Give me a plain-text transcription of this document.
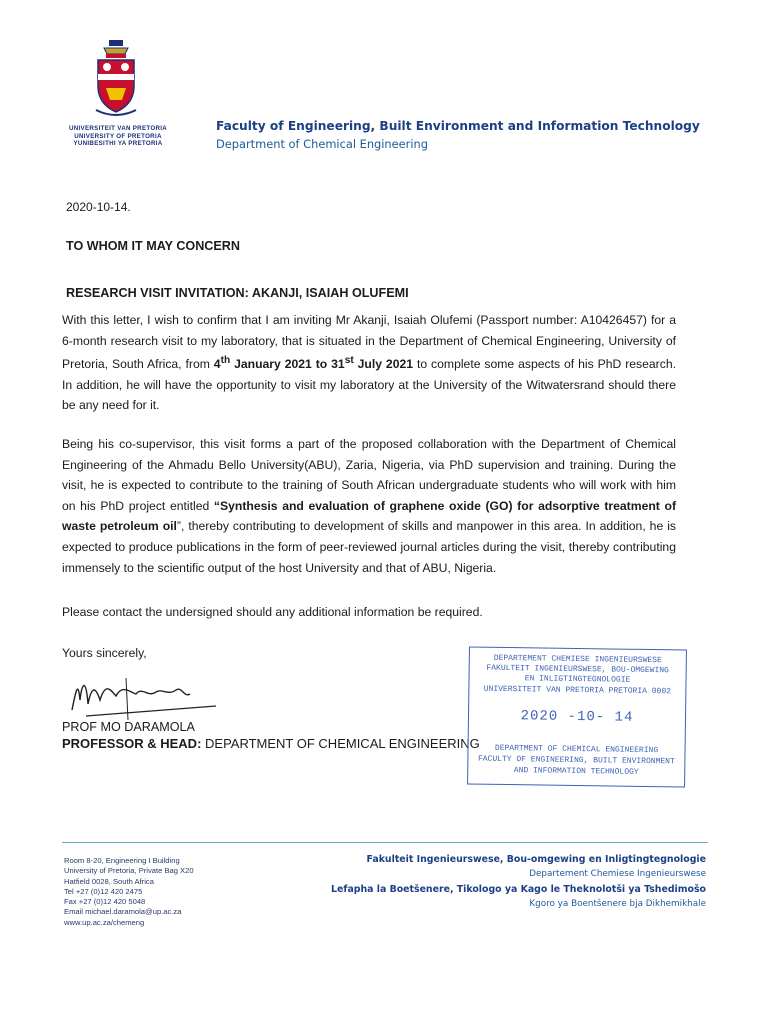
UNIVERSITEIT VAN PRETORIA
UNIVERSITY OF PRETORIA
YUNIBESITHI YA PRETORIA
Faculty of Engineering, Built Environment and Information Technology
Department of Chemical Engineering
2020-10-14.
TO WHOM IT MAY CONCERN
RESEARCH VISIT INVITATION: AKANJI, ISAIAH OLUFEMI

With this letter, I wish to confirm that I am inviting Mr Akanji, Isaiah Olufemi (Passport number: A10426457) for a 6-month research visit to my laboratory, that is situated in the Department of Chemical Engineering, University of Pretoria, South Africa, from 4th January 2021 to 31st July 2021 to complete some aspects of his PhD research. In addition, he will have the opportunity to visit my laboratory at the University of the Witwatersrand should there be any need for it.

Being his co-supervisor, this visit forms a part of the proposed collaboration with the Department of Chemical Engineering of the Ahmadu Bello University(ABU), Zaria, Nigeria, via PhD supervision and training. During the visit, he is expected to contribute to the training of South African undergraduate students who will work with him on his PhD project entitled “Synthesis and evaluation of graphene oxide (GO) for adsorptive treatment of waste petroleum oil”, thereby contributing to development of skills and manpower in this area. In addition, he is expected to produce publications in the form of peer-reviewed journal articles during the visit, thereby contributing immensely to the scientific output of the host University and that of ABU, Nigeria.

Please contact the undersigned should any additional information be required.
Yours sincerely,
PROF MO DARAMOLA
PROFESSOR & HEAD: DEPARTMENT OF CHEMICAL ENGINEERING
DEPARTEMENT CHEMIESE INGENIEURSWESE
FAKULTEIT INGENIEURSWESE, BOU-OMGEWING
EN INLIGTINGTEGNOLOGIE
UNIVERSITEIT VAN PRETORIA PRETORIA 0002
2020 -10- 14
DEPARTMENT OF CHEMICAL ENGINEERING
FACULTY OF ENGINEERING, BUILT ENVIRONMENT
AND INFORMATION TECHNOLOGY
Room 8-20, Engineering I Building
University of Pretoria, Private Bag X20
Hatfield 0028, South Africa
Tel +27 (0)12 420 2475
Fax +27 (0)12 420 5048
Email michael.daramola@up.ac.za
www.up.ac.za/chemeng
Fakulteit Ingenieurswese, Bou-omgewing en Inligtingtegnologie
Departement Chemiese Ingenieurswese
Lefapha la Boetšenere, Tikologo ya Kago le Theknolotši ya Tshedimošo
Kgoro ya Boentšenere bja Dikhemikhale
